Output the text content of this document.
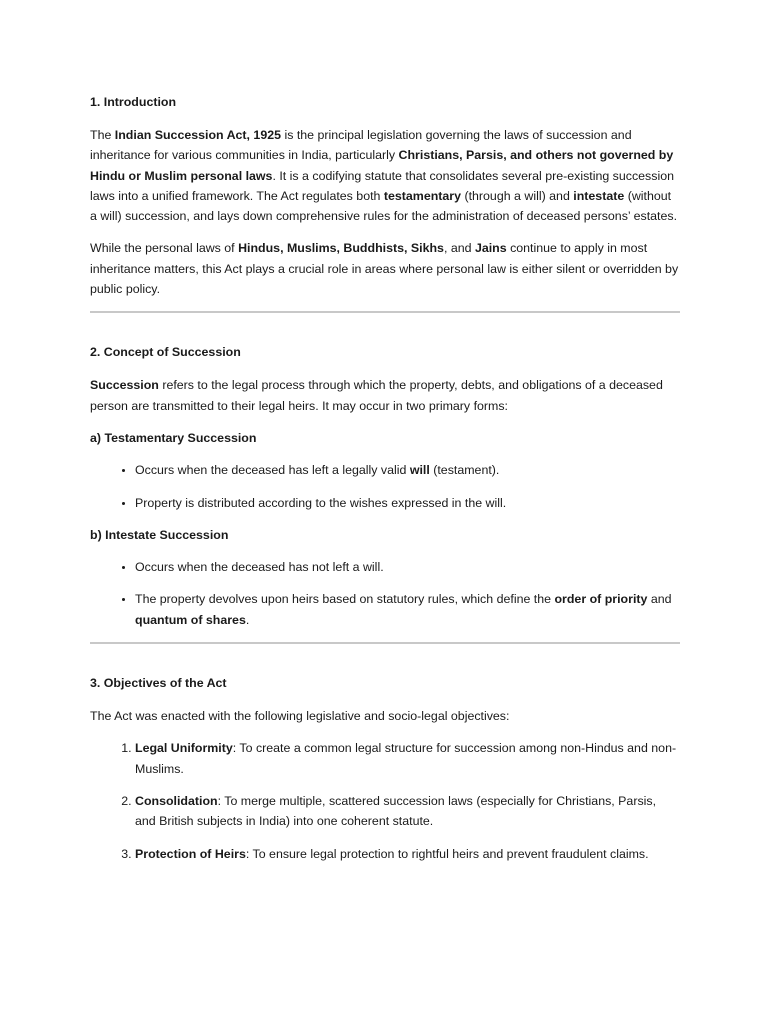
1. Introduction

The Indian Succession Act, 1925 is the principal legislation governing the laws of succession and inheritance for various communities in India, particularly Christians, Parsis, and others not governed by Hindu or Muslim personal laws. It is a codifying statute that consolidates several pre-existing succession laws into a unified framework. The Act regulates both testamentary (through a will) and intestate (without a will) succession, and lays down comprehensive rules for the administration of deceased persons’ estates.

While the personal laws of Hindus, Muslims, Buddhists, Sikhs, and Jains continue to apply in most inheritance matters, this Act plays a crucial role in areas where personal law is either silent or overridden by public policy.

2. Concept of Succession

Succession refers to the legal process through which the property, debts, and obligations of a deceased person are transmitted to their legal heirs. It may occur in two primary forms:

a) Testamentary Succession
• Occurs when the deceased has left a legally valid will (testament).
• Property is distributed according to the wishes expressed in the will.
b) Intestate Succession
• Occurs when the deceased has not left a will.
• The property devolves upon heirs based on statutory rules, which define the order of priority and quantum of shares.
3. Objectives of the Act

The Act was enacted with the following legislative and socio-legal objectives:

1. Legal Uniformity: To create a common legal structure for succession among non-Hindus and non-Muslims.
2. Consolidation: To merge multiple, scattered succession laws (especially for Christians, Parsis, and British subjects in India) into one coherent statute.
3. Protection of Heirs: To ensure legal protection to rightful heirs and prevent fraudulent claims.
